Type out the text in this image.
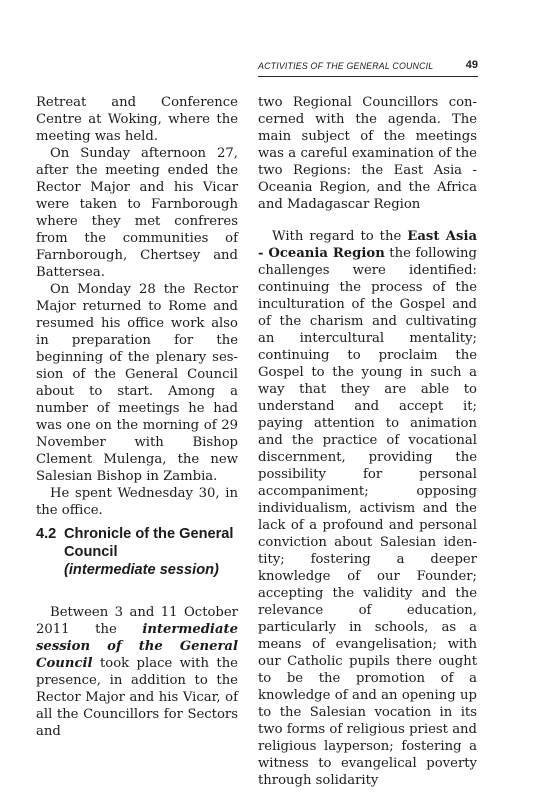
ACTIVITIES OF THE GENERAL COUNCIL	49

Retreat and Conference Centre at Woking, where the meeting was held.

On Sunday afternoon 27, after the meeting ended the Rector Major and his Vicar were taken to Farnborough where they met confreres from the communities of Farnborough, Chertsey and Battersea.

On Monday 28 the Rector Major returned to Rome and resumed his office work also in preparation for the beginning of the plenary session of the General Council about to start. Among a number of meetings he had was one on the morning of 29 November with Bishop Clement Mulenga, the new Salesian Bishop in Zambia.

He spent Wednesday 30, in the office.

4.2 Chronicle of the General
Council
(intermediate session)

Between 3 and 11 October 2011 the intermediate session of the General Council took place with the presence, in addition to the Rector Major and his Vicar, of all the Councillors for Sectors and

two Regional Councillors concerned with the agenda. The main subject of the meetings was a careful examination of the two Regions: the East Asia - Oceania Region, and the Africa and Madagascar Region

With regard to the East Asia - Oceania Region the following challenges were identified: continuing the process of the inculturation of the Gospel and of the charism and cultivating an intercultural mentality; continuing to proclaim the Gospel to the young in such a way that they are able to understand and accept it; paying attention to animation and the practice of vocational discernment, providing the possibility for personal accompaniment; opposing individualism, activism and the lack of a profound and personal conviction about Salesian identity; fostering a deeper knowledge of our Founder; accepting the validity and the relevance of education, particularly in schools, as a means of evangelisation; with our Catholic pupils there ought to be the promotion of a knowledge of and an opening up to the Salesian vocation in its two forms of religious priest and religious layperson; fostering a witness to evangelical poverty through solidarity
